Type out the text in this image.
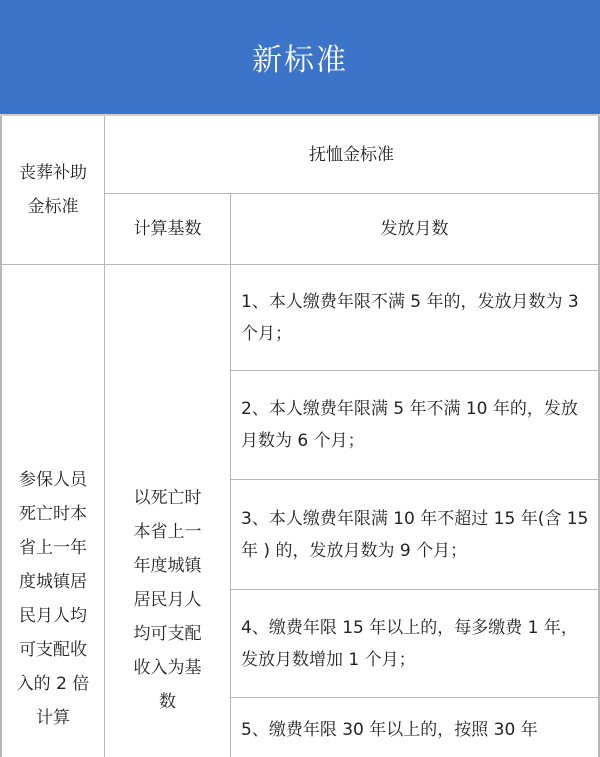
新标准
丧葬补助
金标准
抚恤金标准
计算基数	发放月数
参保人员
死亡时本
省上一年
度城镇居
民月人均
可支配收
入的 2 倍
计算
以死亡时
本省上一
年度城镇
居民月人
均可支配
收入为基
数
1、本人缴费年限不满 5 年的，发放月数为 3 个月；
2、本人缴费年限满 5 年不满 10 年的，发放月数为 6 个月；
3、本人缴费年限满 10 年不超过 15 年(含 15 年 ) 的，发放月数为 9 个月；
4、缴费年限 15 年以上的，每多缴费 1 年，发放月数增加 1 个月；
5、缴费年限 30 年以上的，按照 30 年
